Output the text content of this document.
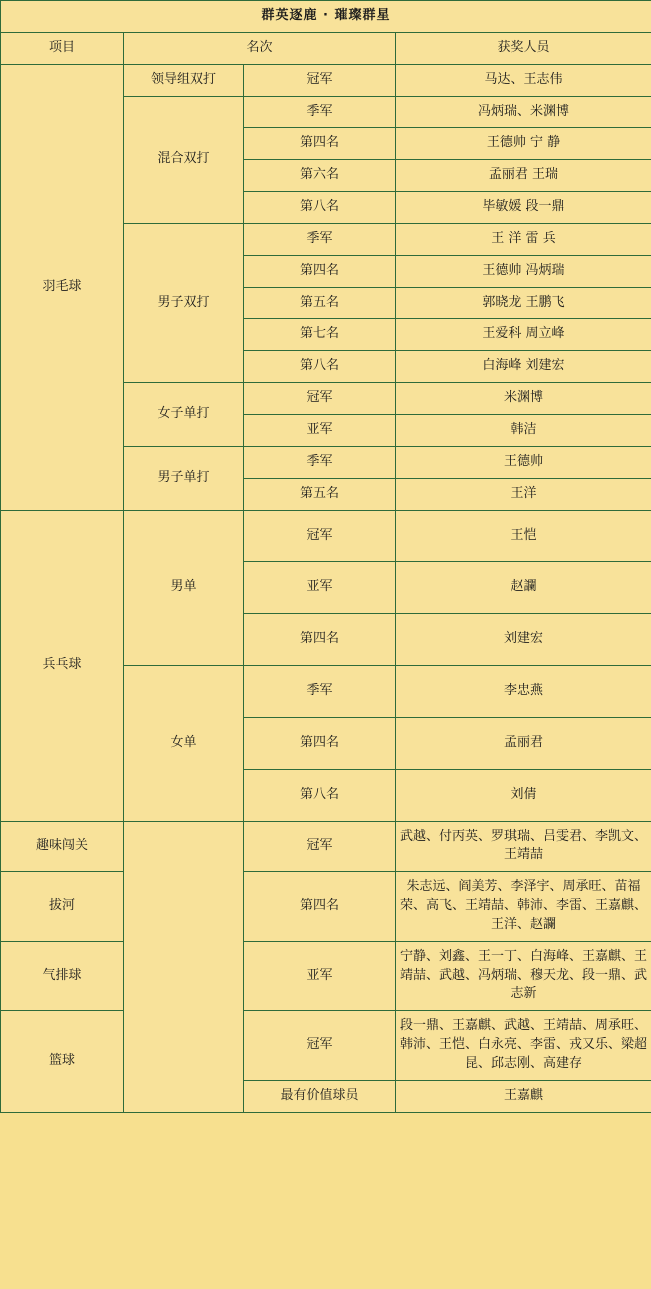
群英逐鹿 · 璀璨群星			
项目	名次		获奖人员
羽毛球	领导组双打	冠军	马达、王志伟
	混合双打	季军	冯炳瑞、米渊博
		第四名	王德帅 宁 静
		第六名	孟丽君 王瑞
		第八名	毕敏媛 段一鼎
	男子双打	季军	王 洋 雷 兵
		第四名	王德帅 冯炳瑞
		第五名	郭晓龙 王鹏飞
		第七名	王爱科 周立峰
		第八名	白海峰 刘建宏
	女子单打	冠军	米渊博
		亚军	韩洁
	男子单打	季军	王德帅
		第五名	王洋
兵乓球	男单	冠军	王恺
		亚军	赵讕
		第四名	刘建宏
	女单	季军	李忠燕
		第四名	孟丽君
		第八名	刘倩
趣味闯关		冠军	武越、付丙英、罗琪瑞、吕雯君、李凯文、王靖喆
拔河		第四名	朱志远、阎美芳、李泽宇、周承旺、苗福荣、高飞、王靖喆、韩沛、李雷、王嘉麒、王洋、赵讕
气排球		亚军	宁静、刘鑫、王一丁、白海峰、王嘉麒、王靖喆、武越、冯炳瑞、穆天龙、段一鼎、武志新
篮球		冠军	段一鼎、王嘉麒、武越、王靖喆、周承旺、韩沛、王恺、白永亮、李雷、戎又乐、梁超昆、邱志刚、高建存
		最有价值球员	王嘉麒
